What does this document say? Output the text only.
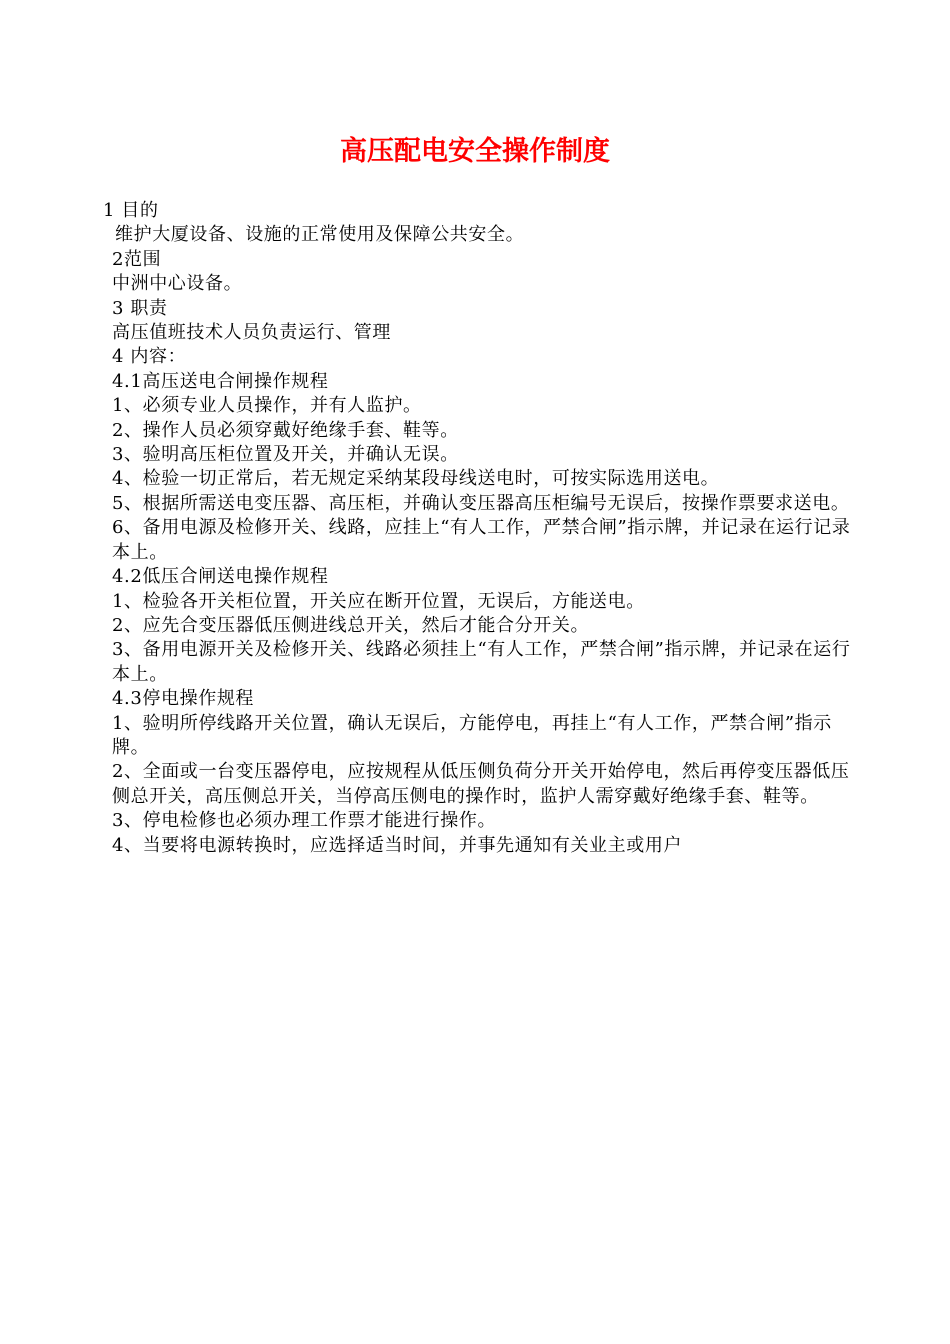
高压配电安全操作制度

1 目的

维护大厦设备、设施的正常使用及保障公共安全。

2范围

中洲中心设备。

3 职责

高压值班技术人员负责运行、管理

4 内容：

4.1高压送电合闸操作规程

1、必须专业人员操作，并有人监护。

2、操作人员必须穿戴好绝缘手套、鞋等。

3、验明高压柜位置及开关，并确认无误。

4、检验一切正常后，若无规定采纳某段母线送电时，可按实际选用送电。

5、根据所需送电变压器、高压柜，并确认变压器高压柜编号无误后，按操作票要求送电。

6、备用电源及检修开关、线路，应挂上“有人工作，严禁合闸”指示牌，并记录在运行记录本上。

4.2低压合闸送电操作规程

1、检验各开关柜位置，开关应在断开位置，无误后，方能送电。

2、应先合变压器低压侧进线总开关，然后才能合分开关。

3、备用电源开关及检修开关、线路必须挂上“有人工作，严禁合闸”指示牌，并记录在运行本上。

4.3停电操作规程

1、验明所停线路开关位置，确认无误后，方能停电，再挂上“有人工作，严禁合闸”指示牌。

2、全面或一台变压器停电，应按规程从低压侧负荷分开关开始停电，然后再停变压器低压侧总开关，高压侧总开关，当停高压侧电的操作时，监护人需穿戴好绝缘手套、鞋等。

3、停电检修也必须办理工作票才能进行操作。

4、当要将电源转换时，应选择适当时间，并事先通知有关业主或用户
